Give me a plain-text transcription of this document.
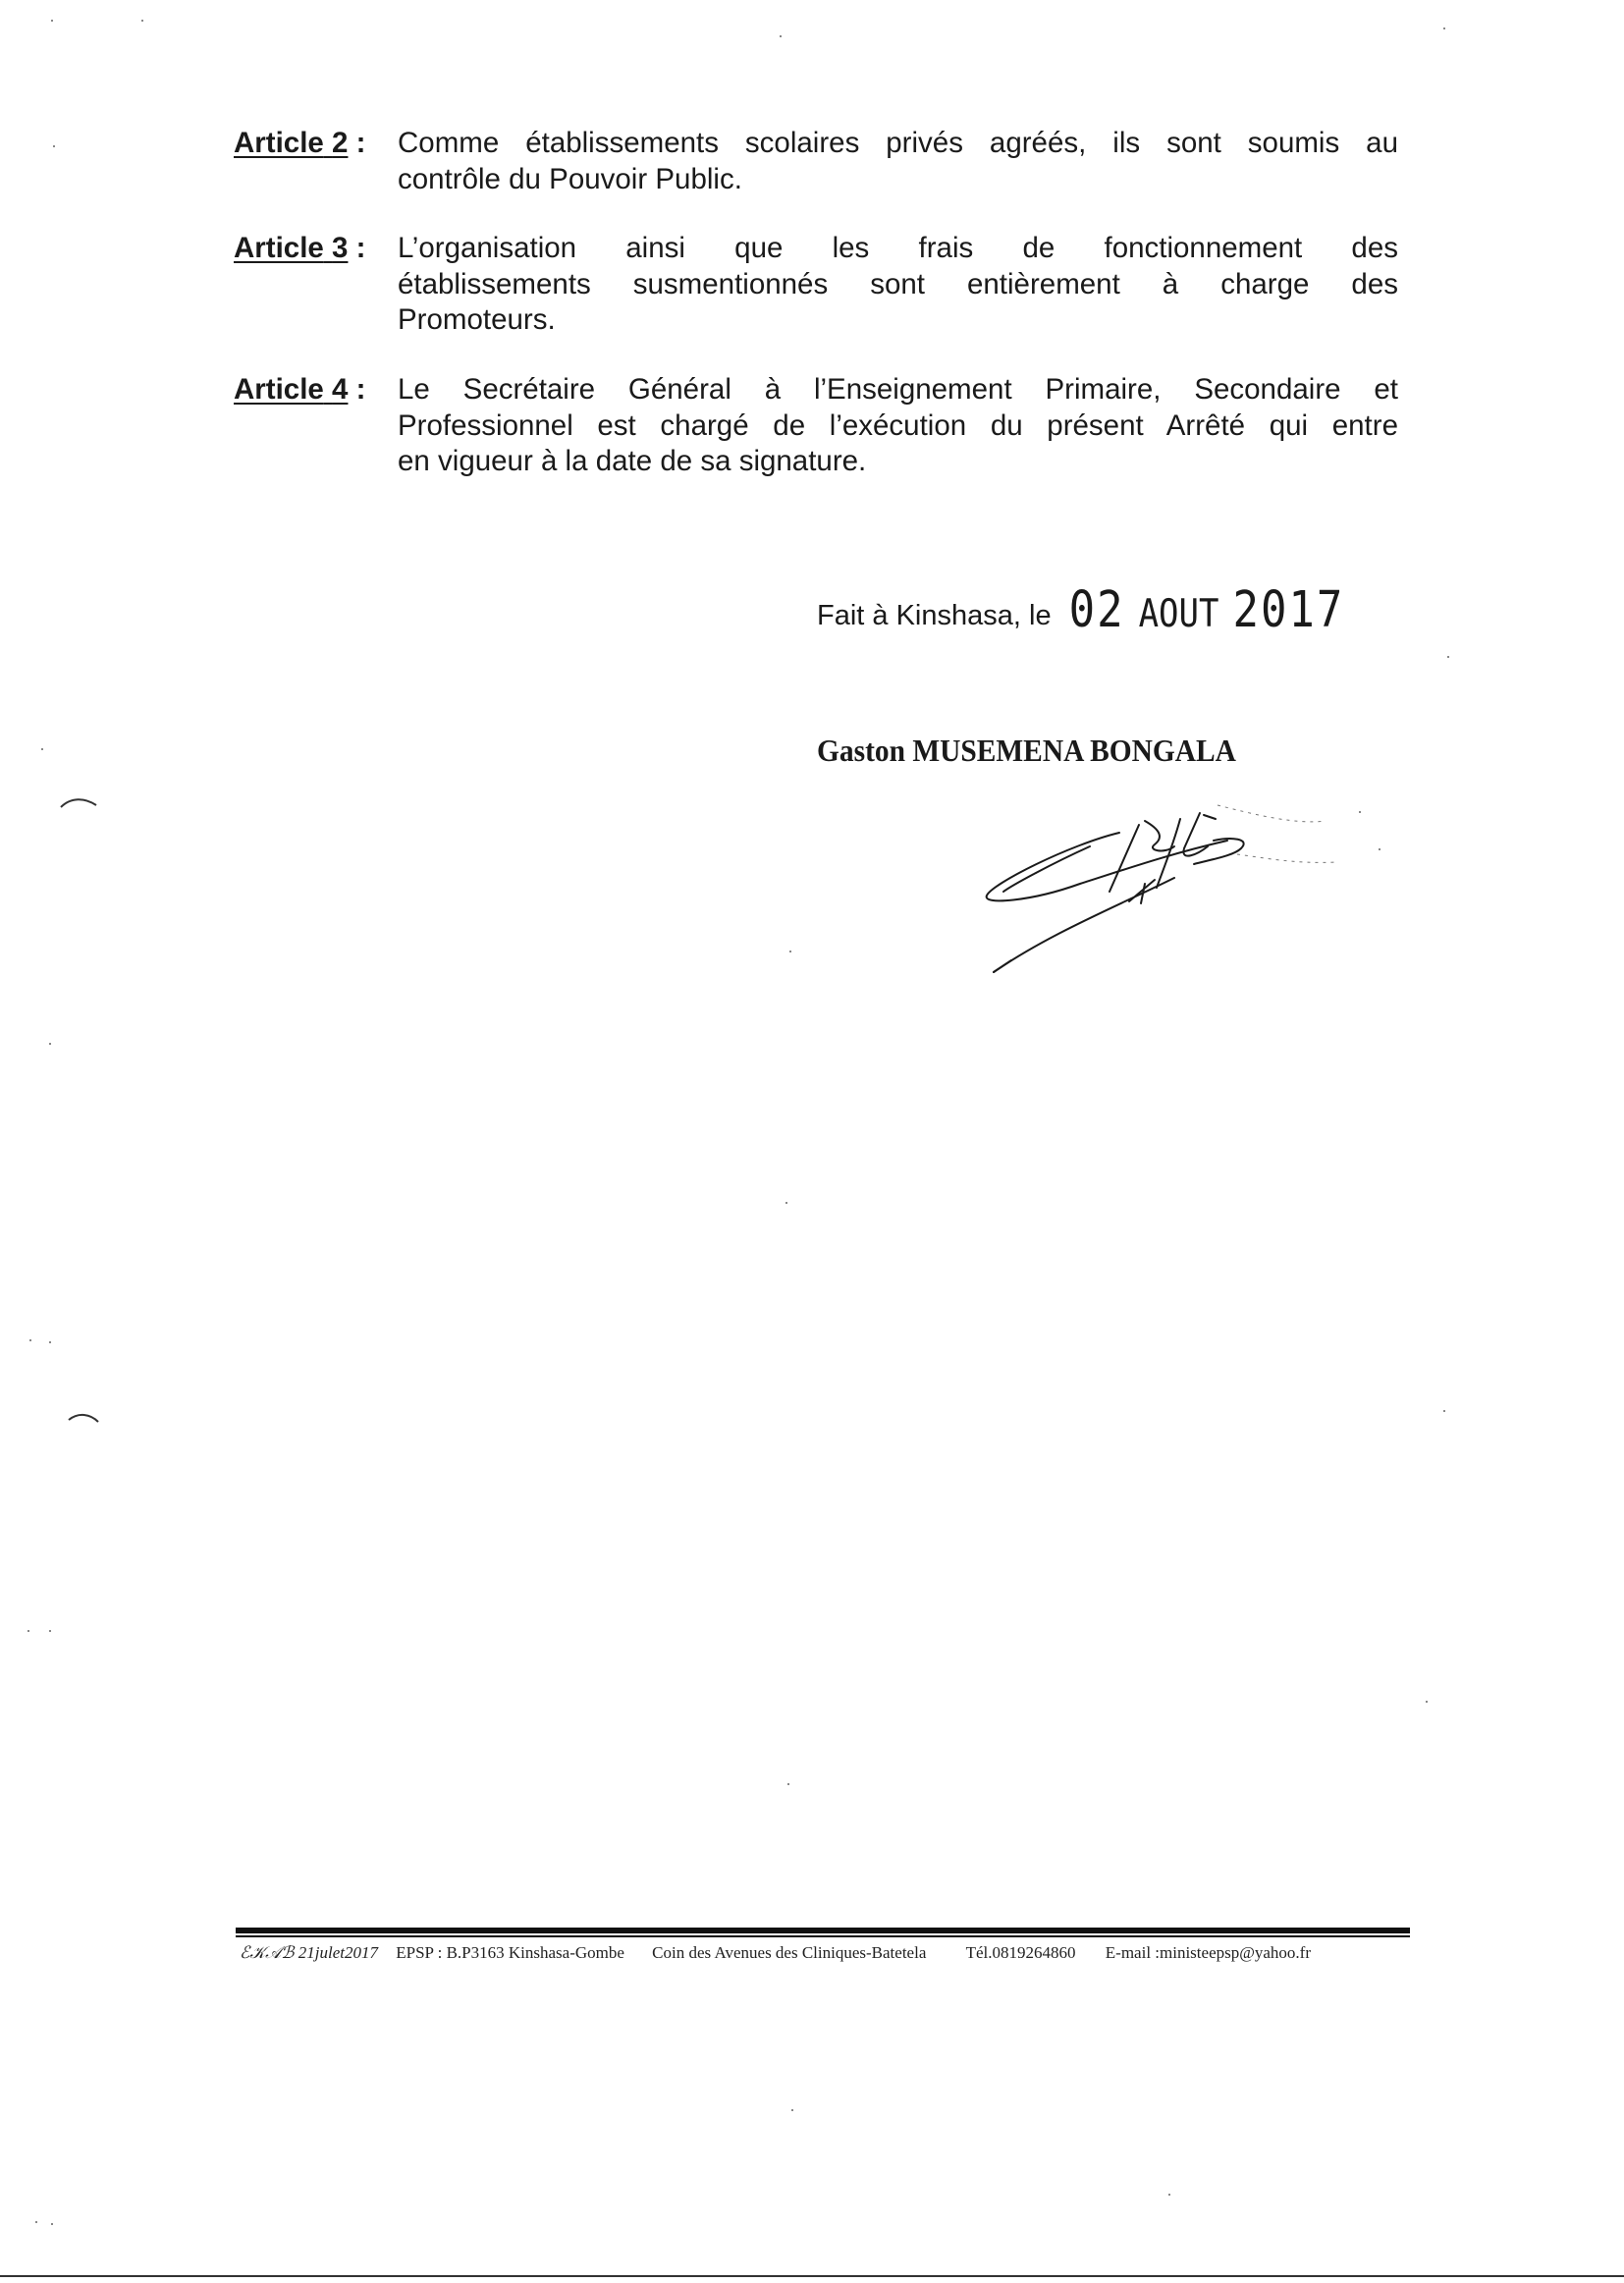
Article 2 : Comme établissements scolaires privés agréés, ils sont soumis au

contrôle du Pouvoir Public.

Article 3 : L’organisation ainsi que les frais de fonctionnement des

établissements susmentionnés sont entièrement à charge des

Promoteurs.

Article 4 : Le Secrétaire Général à l’Enseignement Primaire, Secondaire et

Professionnel est chargé de l’exécution du présent Arrêté qui entre

en vigueur à la date de sa signature.

Fait à Kinshasa, le 02 AOUT 2017
Gaston MUSEMENA BONGALA
ℰ𝒦𝒜ℬ 21julet2017 EPSP : B.P3163 Kinshasa-Gombe Coin des Avenues des Cliniques-Batetela Tél.0819264860 E-mail :ministeepsp@yahoo.fr
